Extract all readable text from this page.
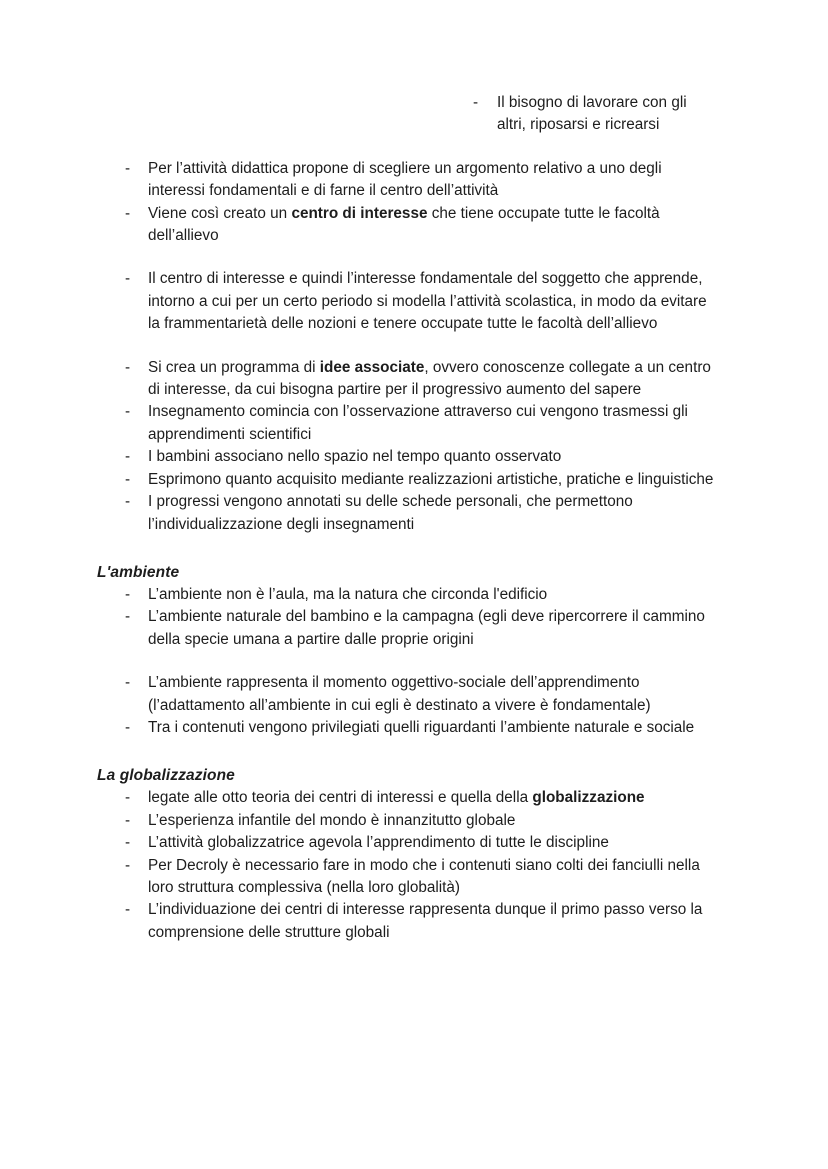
-	Il bisogno di lavorare con gli altri, riposarsi e ricrearsi
-	Per l’attività didattica propone di scegliere un argomento relativo a uno degli interessi fondamentali e di farne il centro dell’attività
-	Viene così creato un centro di interesse che tiene occupate tutte le facoltà dell’allievo
-	Il centro di interesse e quindi l’interesse fondamentale del soggetto che apprende, intorno a cui per un certo periodo si modella l’attività scolastica, in modo da evitare la frammentarietà delle nozioni e tenere occupate tutte le facoltà dell’allievo
-	Si crea un programma di idee associate, ovvero conoscenze collegate a un centro di interesse, da cui bisogna partire per il progressivo aumento del sapere
-	Insegnamento comincia con l’osservazione attraverso cui vengono trasmessi gli apprendimenti scientifici
-	I bambini associano nello spazio nel tempo quanto osservato
-	Esprimono quanto acquisito mediante realizzazioni artistiche, pratiche e linguistiche
-	I progressi vengono annotati su delle schede personali, che permettono l’individualizzazione degli insegnamenti
L'ambiente
-	L’ambiente non è l’aula, ma la natura che circonda l'edificio
-	L’ambiente naturale del bambino e la campagna (egli deve ripercorrere il cammino della specie umana a partire dalle proprie origini
-	L’ambiente rappresenta il momento oggettivo-sociale dell’apprendimento (l’adattamento all’ambiente in cui egli è destinato a vivere è fondamentale)
-	Tra i contenuti vengono privilegiati quelli riguardanti l’ambiente naturale e sociale
La globalizzazione
-	legate alle otto teoria dei centri di interessi e quella della globalizzazione
-	L’esperienza infantile del mondo è innanzitutto globale
-	L’attività globalizzatrice agevola l’apprendimento di tutte le discipline
-	Per Decroly è necessario fare in modo che i contenuti siano colti dei fanciulli nella loro struttura complessiva (nella loro globalità)
-	L’individuazione dei centri di interesse rappresenta dunque il primo passo verso la comprensione delle strutture globali
